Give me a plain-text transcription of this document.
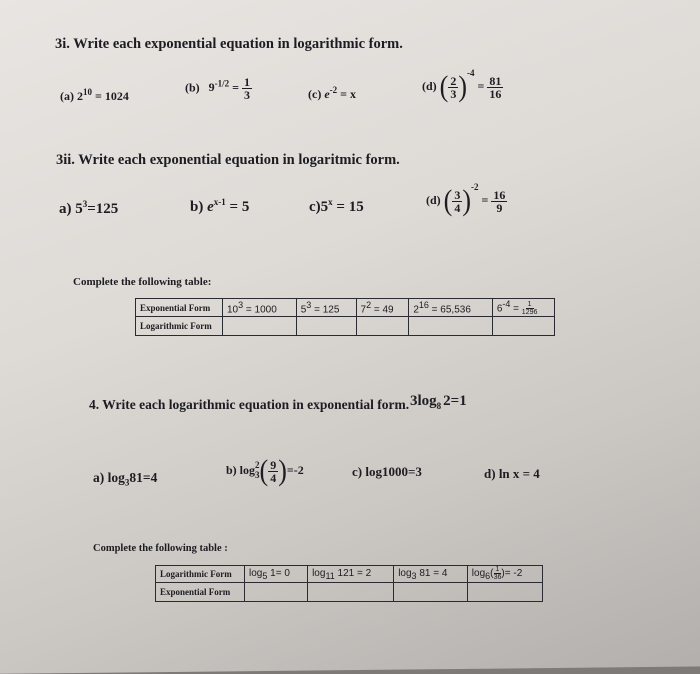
3i. Write each exponential equation in logarithmic form.
(a) $2^{10} = 1024$
(b) $9^{-1/2} = \frac{1}{3}$	(c) $e^{-2} = x$
(d) ( $\frac{2}{3} )^{-4} = \frac{81}{16}$
3ii. Write each exponential equation in logaritmic form.
a) $5^3=125$	b) $e^{x-1} = 5$	$c)5^x = 15$	(d) ( $\frac{3}{4} )^{-2} = \frac{16}{9}$
Complete the following table:
Exponential Form	$10^3 = 1000$	$5^3 = 125$	$7^2 = 49$	$2^{16} = 65,536$	$6^{-4} = \frac{1}{1296}$

Logarithmic Form					
4. Write each logarithmic equation in exponential form. $3\log_8$ 2=1
a) $\log_381=4$
b) log 2
3 ( $\frac{9}{4} )=-2$	c) log1000=3	d) ln x = 4
Complete the following table :
Logarithmic Form	$\log_5 1= 0$	$\log_{11} 121 = 2$	$\log_3 81 = 4$	$\log_6( \frac{1}{36}$ )= -2
Exponential Form				
